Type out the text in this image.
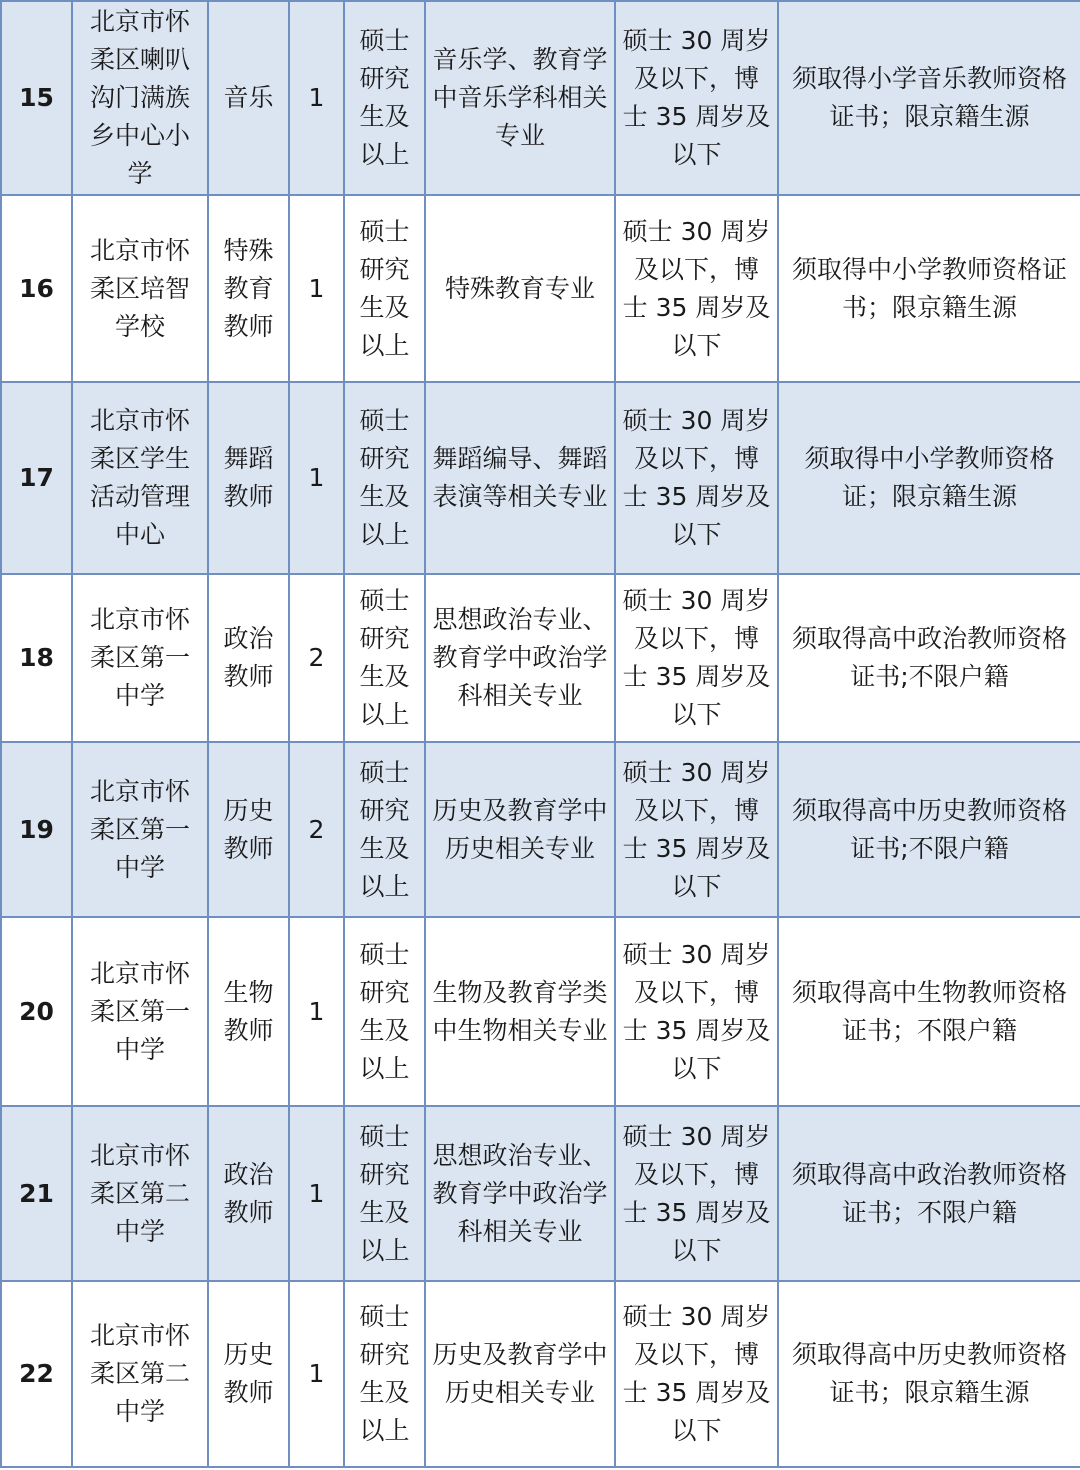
15	北京市怀柔区喇叭沟门满族乡中心小学	音乐	1	硕士研究生及以上	音乐学、教育学中音乐学科相关专业	硕士 30 周岁及以下，博士 35 周岁及以下	须取得小学音乐教师资格证书；限京籍生源
16	北京市怀柔区培智学校	特殊教育教师	1	硕士研究生及以上	特殊教育专业	硕士 30 周岁及以下，博士 35 周岁及以下	须取得中小学教师资格证书；限京籍生源
17	北京市怀柔区学生活动管理中心	舞蹈教师	1	硕士研究生及以上	舞蹈编导、舞蹈表演等相关专业	硕士 30 周岁及以下，博士 35 周岁及以下	须取得中小学教师资格证；限京籍生源
18	北京市怀柔区第一中学	政治教师	2	硕士研究生及以上	思想政治专业、教育学中政治学科相关专业	硕士 30 周岁及以下，博士 35 周岁及以下	须取得高中政治教师资格证书;不限户籍
19	北京市怀柔区第一中学	历史教师	2	硕士研究生及以上	历史及教育学中历史相关专业	硕士 30 周岁及以下，博士 35 周岁及以下	须取得高中历史教师资格证书;不限户籍
20	北京市怀柔区第一中学	生物教师	1	硕士研究生及以上	生物及教育学类中生物相关专业	硕士 30 周岁及以下，博士 35 周岁及以下	须取得高中生物教师资格证书；不限户籍
21	北京市怀柔区第二中学	政治教师	1	硕士研究生及以上	思想政治专业、教育学中政治学科相关专业	硕士 30 周岁及以下，博士 35 周岁及以下	须取得高中政治教师资格证书；不限户籍
22	北京市怀柔区第二中学	历史教师	1	硕士研究生及以上	历史及教育学中历史相关专业	硕士 30 周岁及以下，博士 35 周岁及以下	须取得高中历史教师资格证书；限京籍生源
